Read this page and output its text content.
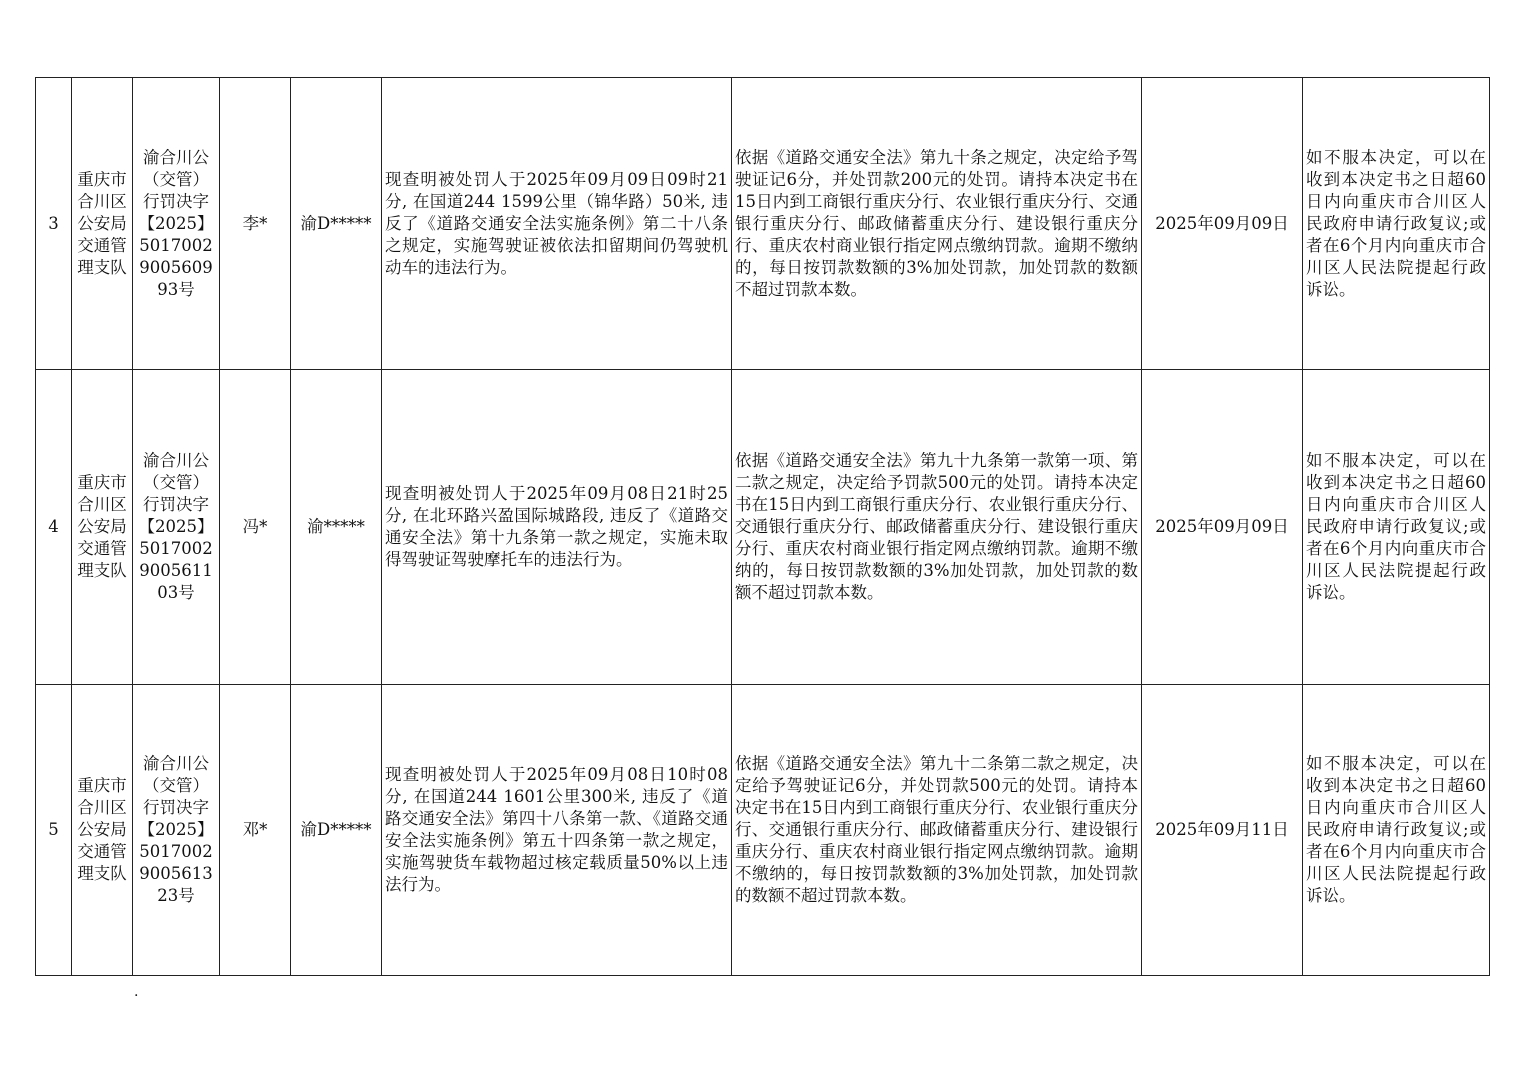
3	重庆市合川区公安局交通管理支队	渝合川公（交管）行罚决字【2025】5017002900560993号	李*	渝D*****	现查明被处罚人于2025年09月09日09时21分, 在国道244 1599公里（锦华路）50米, 违反了《道路交通安全法实施条例》第二十八条之规定，实施驾驶证被依法扣留期间仍驾驶机动车的违法行为。	依据《道路交通安全法》第九十条之规定，决定给予驾驶证记6分，并处罚款200元的处罚。请持本决定书在15日内到工商银行重庆分行、农业银行重庆分行、交通银行重庆分行、邮政储蓄重庆分行、建设银行重庆分行、重庆农村商业银行指定网点缴纳罚款。逾期不缴纳的，每日按罚款数额的3%加处罚款，加处罚款的数额不超过罚款本数。	2025年09月09日	如不服本决定，可以在收到本决定书之日超60日内向重庆市合川区人民政府申请行政复议;或者在6个月内向重庆市合川区人民法院提起行政诉讼。
4	重庆市合川区公安局交通管理支队	渝合川公（交管）行罚决字【2025】5017002900561103号	冯*	渝*****	现查明被处罚人于2025年09月08日21时25分, 在北环路兴盈国际城路段, 违反了《道路交通安全法》第十九条第一款之规定，实施未取得驾驶证驾驶摩托车的违法行为。	依据《道路交通安全法》第九十九条第一款第一项、第二款之规定，决定给予罚款500元的处罚。请持本决定书在15日内到工商银行重庆分行、农业银行重庆分行、交通银行重庆分行、邮政储蓄重庆分行、建设银行重庆分行、重庆农村商业银行指定网点缴纳罚款。逾期不缴纳的，每日按罚款数额的3%加处罚款，加处罚款的数额不超过罚款本数。	2025年09月09日	如不服本决定，可以在收到本决定书之日超60日内向重庆市合川区人民政府申请行政复议;或者在6个月内向重庆市合川区人民法院提起行政诉讼。
5	重庆市合川区公安局交通管理支队	渝合川公（交管）行罚决字【2025】5017002900561323号	邓*	渝D*****	现查明被处罚人于2025年09月08日10时08分, 在国道244 1601公里300米, 违反了《道路交通安全法》第四十八条第一款、《道路交通安全法实施条例》第五十四条第一款之规定，实施驾驶货车载物超过核定载质量50%以上违法行为。	依据《道路交通安全法》第九十二条第二款之规定，决定给予驾驶证记6分，并处罚款500元的处罚。请持本决定书在15日内到工商银行重庆分行、农业银行重庆分行、交通银行重庆分行、邮政储蓄重庆分行、建设银行重庆分行、重庆农村商业银行指定网点缴纳罚款。逾期不缴纳的，每日按罚款数额的3%加处罚款，加处罚款的数额不超过罚款本数。	2025年09月11日	如不服本决定，可以在收到本决定书之日超60日内向重庆市合川区人民政府申请行政复议;或者在6个月内向重庆市合川区人民法院提起行政诉讼。
.
